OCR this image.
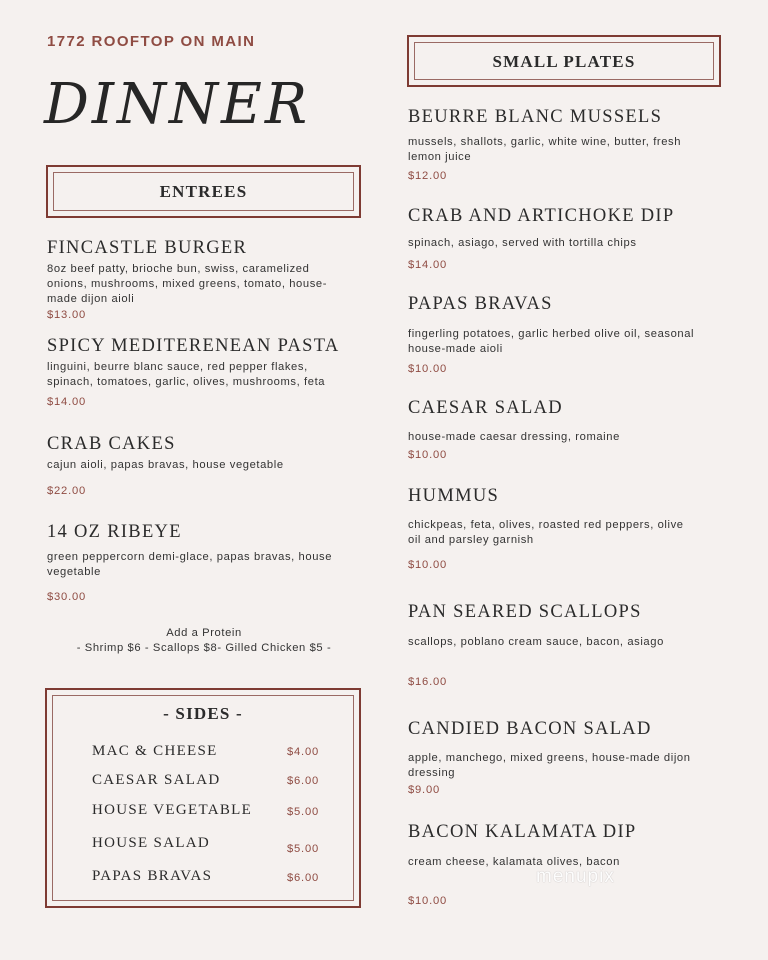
1772 ROOFTOP ON MAIN
DINNER
ENTREES
FINCASTLE BURGER
8oz beef patty, brioche bun, swiss, caramelized
onions, mushrooms, mixed greens, tomato, house-
made dijon aioli
$13.00
SPICY MEDITERENEAN PASTA
linguini, beurre blanc sauce, red pepper flakes,
spinach, tomatoes, garlic, olives, mushrooms, feta
$14.00
CRAB CAKES
cajun aioli, papas bravas, house vegetable
$22.00
14 OZ RIBEYE
green peppercorn demi-glace, papas bravas, house
vegetable
$30.00
Add a Protein
- Shrimp $6 - Scallops $8- Gilled Chicken $5 -
- SIDES -
MAC & CHEESE	$4.00
CAESAR SALAD	$6.00
HOUSE VEGETABLE	$5.00
HOUSE SALAD	$5.00
PAPAS BRAVAS	$6.00
SMALL PLATES
BEURRE BLANC MUSSELS
mussels, shallots, garlic, white wine, butter, fresh
lemon juice
$12.00
CRAB AND ARTICHOKE DIP
spinach, asiago, served with tortilla chips
$14.00
PAPAS BRAVAS
fingerling potatoes, garlic herbed olive oil, seasonal
house-made aioli
$10.00
CAESAR SALAD
house-made caesar dressing, romaine
$10.00
HUMMUS
chickpeas, feta, olives, roasted red peppers, olive
oil and parsley garnish
$10.00
PAN SEARED SCALLOPS
scallops, poblano cream sauce, bacon, asiago
$16.00
CANDIED BACON SALAD
apple, manchego, mixed greens, house-made dijon
dressing
$9.00
BACON KALAMATA DIP
cream cheese, kalamata olives, bacon
$10.00
menupix
